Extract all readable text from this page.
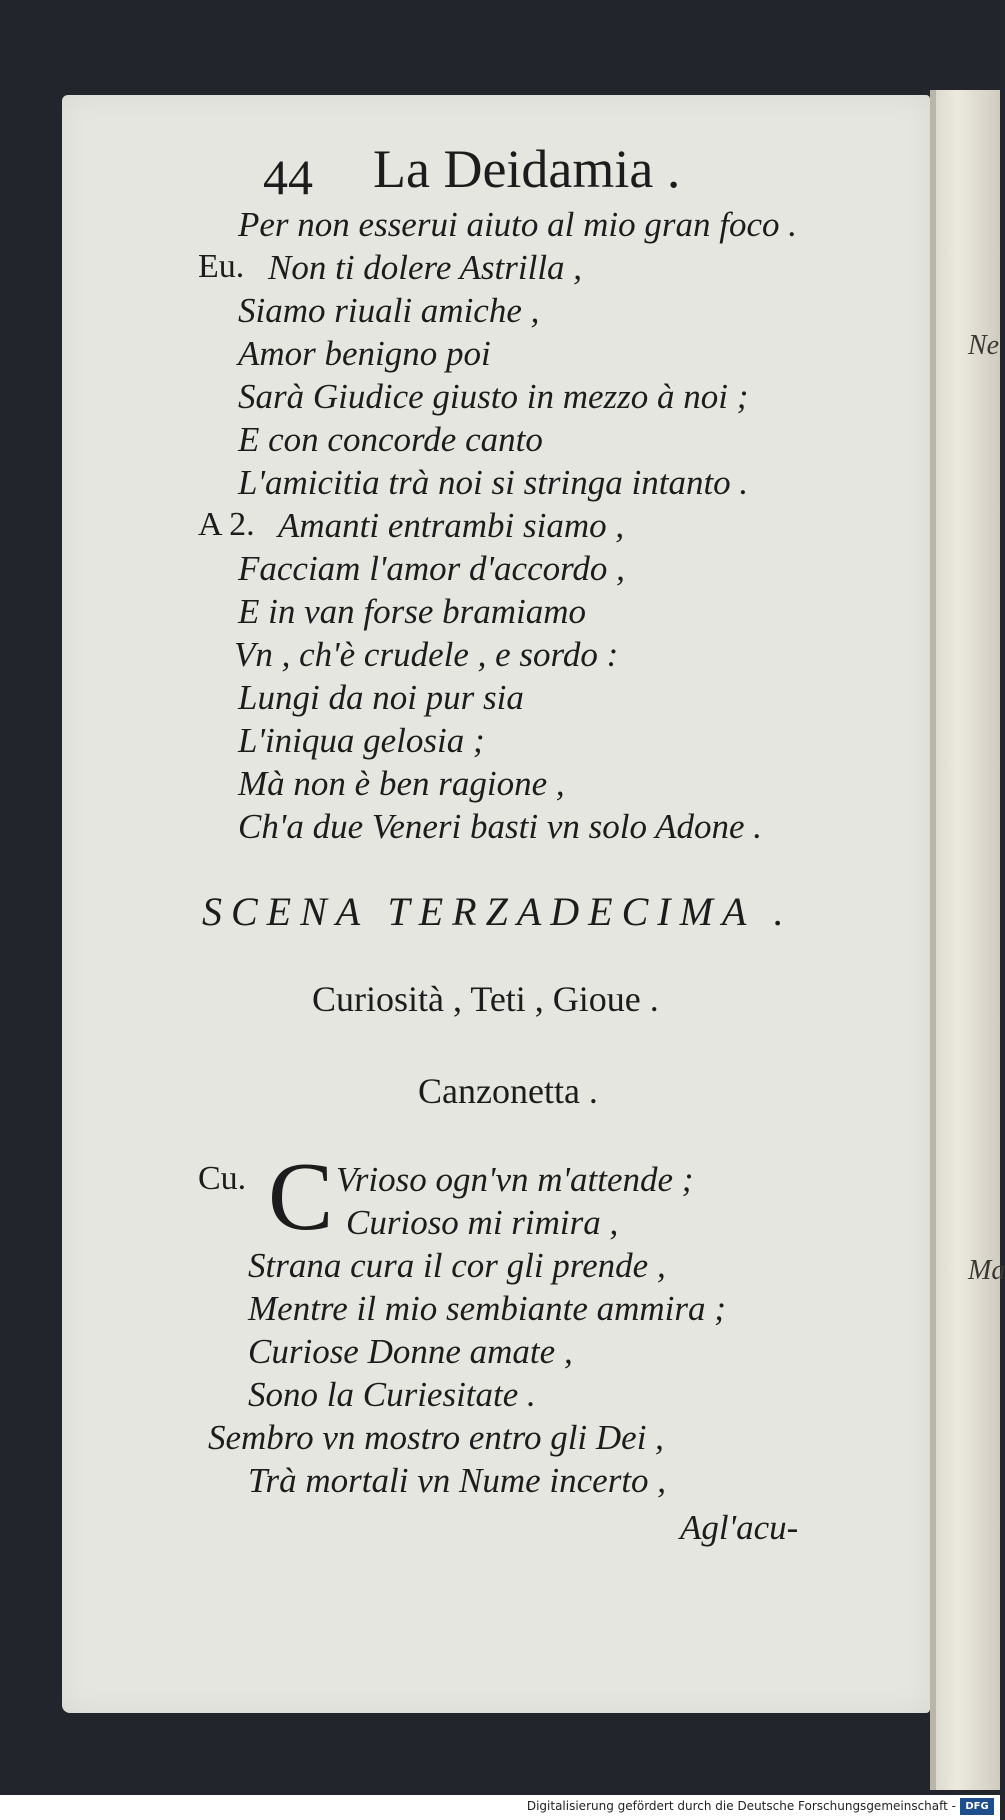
Ne
Ma
44 La Deidamia .
Per non esserui aiuto al mio gran foco .
Eu. Non ti dolere Astrilla ,
Siamo riuali amiche ,
Amor benigno poi
Sarà Giudice giusto in mezzo à noi ;
E con concorde canto
L'amicitia trà noi si stringa intanto .
A 2. Amanti entrambi siamo ,
Facciam l'amor d'accordo ,
E in van forse bramiamo
Vn , ch'è crudele , e sordo :
Lungi da noi pur sia
L'iniqua gelosia ;
Mà non è ben ragione ,
Ch'a due Veneri basti vn solo Adone .
SCENA TERZADECIMA .
Curiosità , Teti , Gioue .
Canzonetta .
Cu. C Vrioso ogn'vn m'attende ;
Curioso mi rimira ,
Strana cura il cor gli prende ,
Mentre il mio sembiante ammira ;
Curiose Donne amate ,
Sono la Curiesitate .
Sembro vn mostro entro gli Dei ,
Trà mortali vn Nume incerto ,
Agl'acu-
Digitalisierung gefördert durch die Deutsche Forschungsgemeinschaft - DFG
